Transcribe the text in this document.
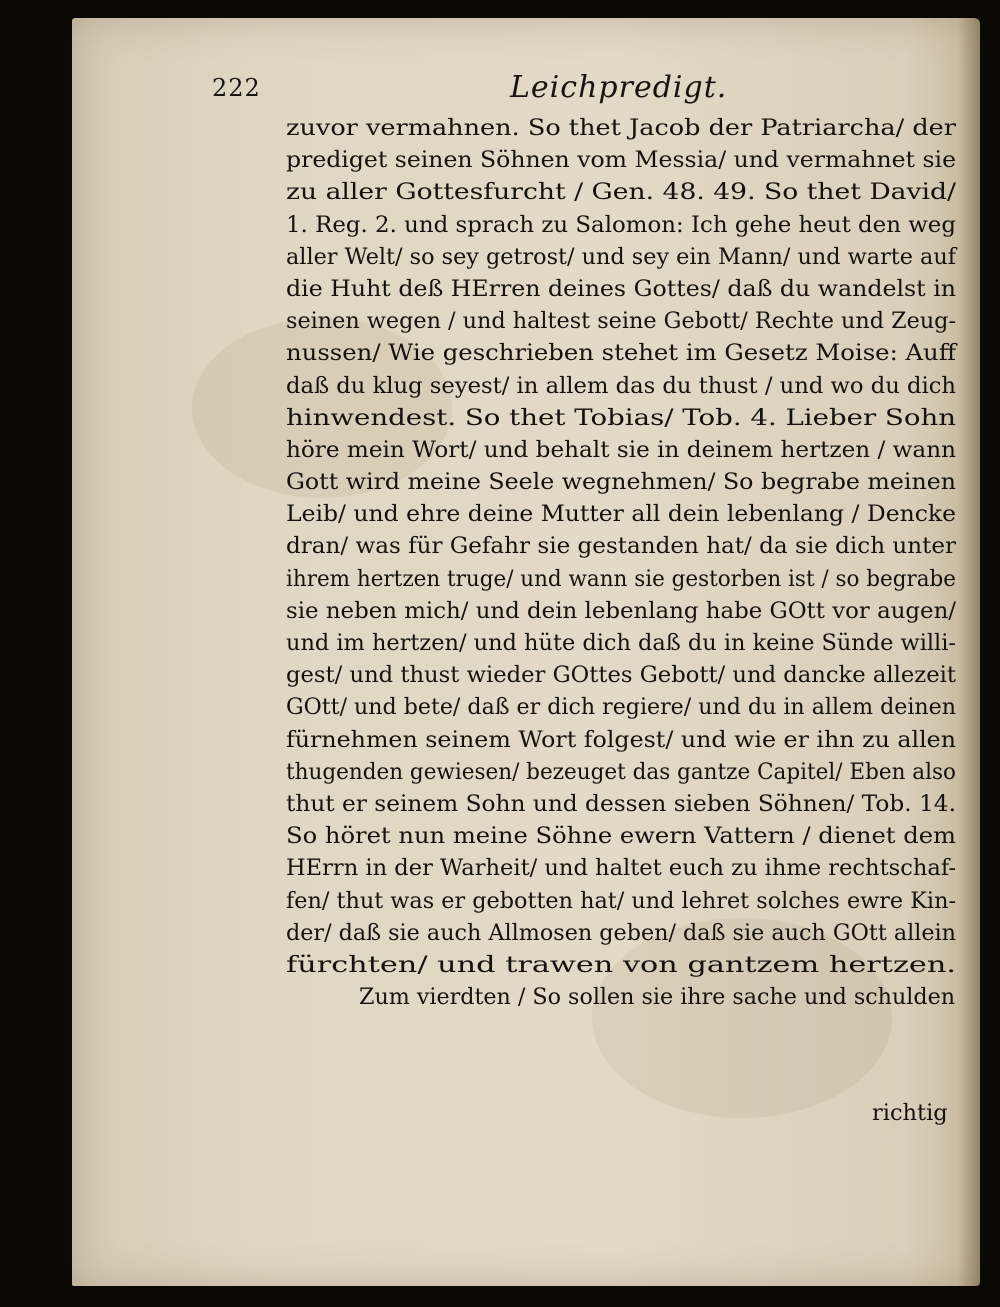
222	Leichpredigt.
zuvor vermahnen. So thet Jacob der Patriarcha/ der
prediget seinen Söhnen vom Messia/ und vermahnet sie
zu aller Gottesfurcht / Gen. 48. 49. So thet David/
1. Reg. 2. und sprach zu Salomon: Ich gehe heut den weg
aller Welt/ so sey getrost/ und sey ein Mann/ und warte auf
die Huht deß HErren deines Gottes/ daß du wandelst in
seinen wegen / und haltest seine Gebott/ Rechte und Zeug-
nussen/ Wie geschrieben stehet im Gesetz Moise: Auff
daß du klug seyest/ in allem das du thust / und wo du dich
hinwendest. So thet Tobias/ Tob. 4. Lieber Sohn
höre mein Wort/ und behalt sie in deinem hertzen / wann
Gott wird meine Seele wegnehmen/ So begrabe meinen
Leib/ und ehre deine Mutter all dein lebenlang / Dencke
dran/ was für Gefahr sie gestanden hat/ da sie dich unter
ihrem hertzen truge/ und wann sie gestorben ist / so begrabe
sie neben mich/ und dein lebenlang habe GOtt vor augen/
und im hertzen/ und hüte dich daß du in keine Sünde willi-
gest/ und thust wieder GOttes Gebott/ und dancke allezeit
GOtt/ und bete/ daß er dich regiere/ und du in allem deinen
fürnehmen seinem Wort folgest/ und wie er ihn zu allen
thugenden gewiesen/ bezeuget das gantze Capitel/ Eben also
thut er seinem Sohn und dessen sieben Söhnen/ Tob. 14.
So höret nun meine Söhne ewern Vattern / dienet dem
HErrn in der Warheit/ und haltet euch zu ihme rechtschaf-
fen/ thut was er gebotten hat/ und lehret solches ewre Kin-
der/ daß sie auch Allmosen geben/ daß sie auch GOtt allein
fürchten/ und trawen von gantzem hertzen.
Zum vierdten / So sollen sie ihre sache und schulden
richtig
